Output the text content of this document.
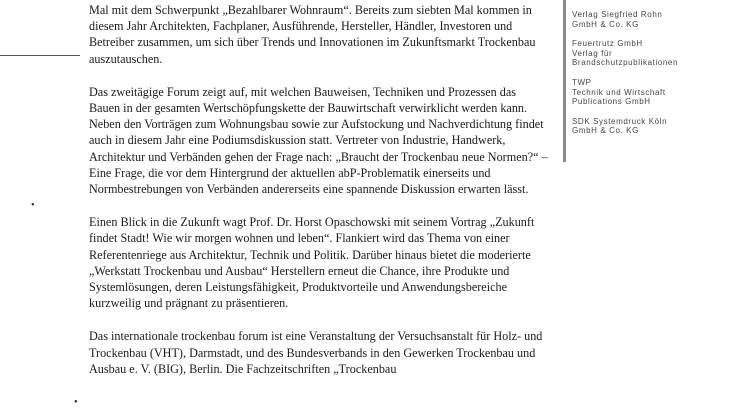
•
•

Mal mit dem Schwerpunkt „Bezahlbarer Wohnraum“. Bereits zum siebten Mal kommen in diesem Jahr Architekten, Fachplaner, Ausführende, Hersteller, Händler, Investoren und Betreiber zusammen, um sich über Trends und Innovationen im Zukunftsmarkt Trockenbau auszutauschen.

Das zweitägige Forum zeigt auf, mit welchen Bauweisen, Techniken und Prozessen das Bauen in der gesamten Wertschöpfungskette der Bauwirtschaft verwirklicht werden kann. Neben den Vorträgen zum Wohnungsbau sowie zur Aufstockung und Nachverdichtung findet auch in diesem Jahr eine Podiumsdiskussion statt. Vertreter von Industrie, Handwerk, Architektur und Verbänden gehen der Frage nach: „Braucht der Trockenbau neue Normen?“ – Eine Frage, die vor dem Hintergrund der aktuellen abP-Problematik einerseits und Normbestrebungen von Verbänden andererseits eine spannende Diskussion erwarten lässt.

Einen Blick in die Zukunft wagt Prof. Dr. Horst Opaschowski mit seinem Vortrag „Zukunft findet Stadt! Wie wir morgen wohnen und leben“. Flankiert wird das Thema von einer Referentenriege aus Architektur, Technik und Politik. Darüber hinaus bietet die moderierte „Werkstatt Trockenbau und Ausbau“ Herstellern erneut die Chance, ihre Produkte und Systemlösungen, deren Leistungsfähigkeit, Produktvorteile und Anwendungsbereiche kurzweilig und prägnant zu präsentieren.

Das internationale trockenbau forum ist eine Veranstaltung der Versuchsanstalt für Holz- und Trockenbau (VHT), Darmstadt, und des Bundesverbands in den Gewerken Trockenbau und Ausbau e. V. (BIG), Berlin. Die Fachzeitschriften „Trockenbau

Verlag Siegfried Rohn
GmbH & Co. KG
Feuertrutz GmbH
Verlag für
Brandschutzpublikationen
TWP
Technik und Wirtschaft
Publications GmbH
SDK Systemdruck Köln
GmbH & Co. KG
